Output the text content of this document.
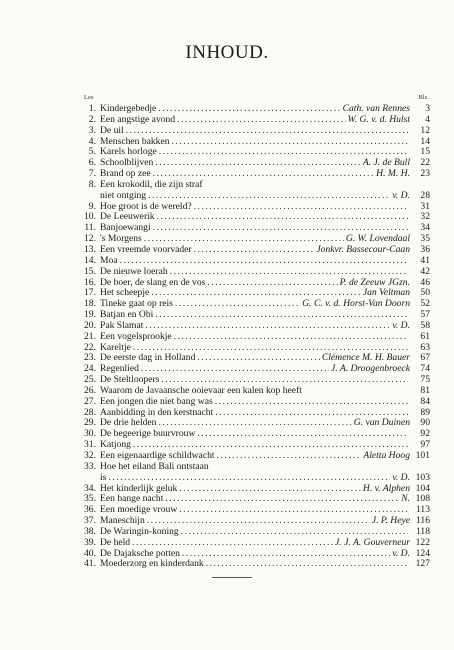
INHOUD.
Les	Blz.
1. Kindergebedje .....	Cath. van Rennes	3
2. Een angstige avond .....	W. G. v. d. Hulst	4
3. De uil .....	12
4. Menschen bakken .....	14
5. Karels horloge .....	15
6. Schoolblijven .....	A. J. de Bull	22
7. Brand op zee .....	H. M. H.	23
8. Een krokodil, die zijn straf
niet ontging .....	v. D.	28
9. Hoe groot is de wereld? .....	31
10. De Leeuwerik .....	32
11. Banjoewangi .....	34
12. 's Morgens .....	G. W. Lovendaal	35
13. Een vreemde voorvader .....	Jonkvr. Bassecour-Caan	36
14. Moa .....	41
15. De nieuwe loerah .....	42
16. De boer, de slang en de vos .....	P. de Zeeuw JGzn.	46
17. Het scheepje .....	Jan Veltman	50
18. Tineke gaat op reis .....	G. C. v. d. Horst-Van Doorn	52
19. Batjan en Obi .....	57
20. Pak Slamat .....	v. D.	58
21. Een vogelsprookje .....	61
22. Kareltje .....	63
23. De eerste dag in Holland .....	Clémence M. H. Bauer	67
24. Regenlied .....	J. A. Droogenbroeck	74
25. De Steltloopers .....	75
26. Waarom de Javaansche ooievaar een kalen kop heeft	81
27. Een jongen die niet bang was .....	84
28. Aanbidding in den kerstnacht .....	89
29. De drie helden .....	G. van Duinen	90
30. De begeerige buurvrouw .....	92
31. Katjong .....	97
32. Een eigenaardige schildwacht .....	Aletta Hoog 101
33. Hoe het eiland Bali ontstaan
is .....	v. D. 103
34. Het kinderlijk geluk .....	H. v. Alphen 104
35. Een bange nacht .....	N. 108
36. Een moedige vrouw .....	113
37. Maneschijn .....	J. P. Heye 116
38. De Waringin-koning .....	118
39. De held .....	J. J. A. Gouverneur 122
40. De Dajaksche potten .....	v. D. 124
41. Moederzorg en kinderdank .....	127
